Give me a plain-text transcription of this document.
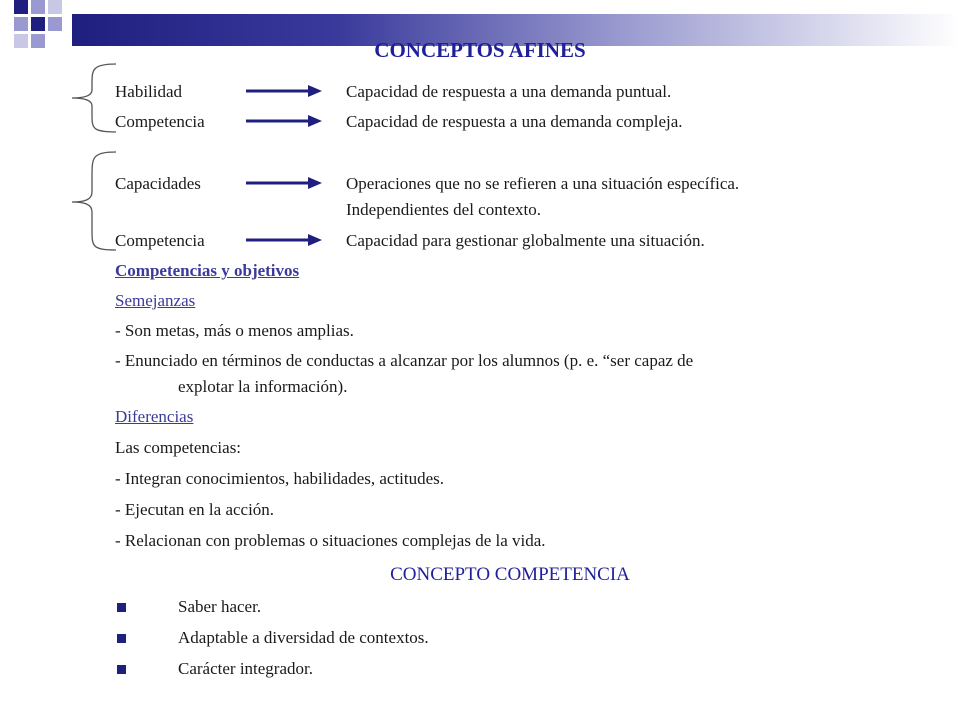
CONCEPTOS AFINES
Habilidad	Capacidad de respuesta a una demanda puntual.
Competencia	Capacidad de respuesta a una demanda compleja.
Capacidades	Operaciones que no se refieren a una situación específica.
Independientes del contexto.
Competencia	Capacidad para gestionar globalmente una situación.
Competencias y objetivos
Semejanzas
- Son metas, más o menos amplias.
- Enunciado en términos de conductas a alcanzar por los alumnos (p. e. “ser capaz de
explotar la información).
Diferencias
Las competencias:
- Integran conocimientos, habilidades, actitudes.
- Ejecutan en la acción.
- Relacionan con problemas o situaciones complejas de la vida.
CONCEPTO COMPETENCIA
Saber hacer.
Adaptable a diversidad de contextos.
Carácter integrador.
